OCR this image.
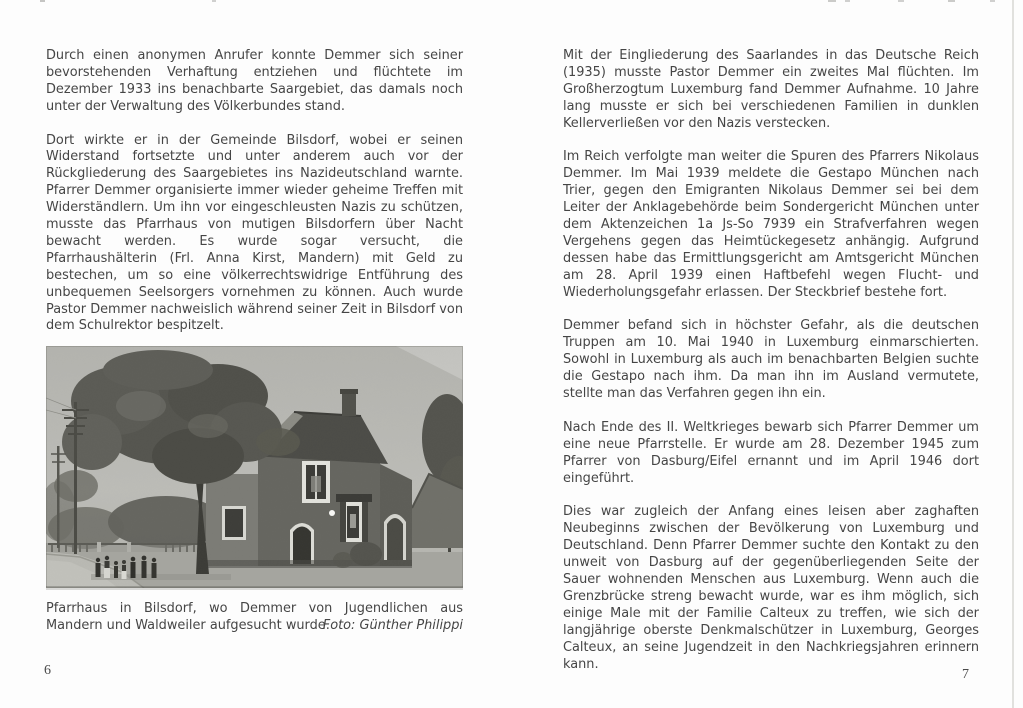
Durch einen anonymen Anrufer konnte Demmer sich seiner bevorstehenden Verhaftung entziehen und flüchtete im Dezember 1933 ins benachbarte Saargebiet, das damals noch unter der Verwaltung des Völkerbundes stand.

Dort wirkte er in der Gemeinde Bilsdorf, wobei er seinen Widerstand fortsetzte und unter anderem auch vor der Rückgliederung des Saargebietes ins Nazideutschland warnte. Pfarrer Demmer organisierte immer wieder geheime Treffen mit Widerständlern. Um ihn vor eingeschleusten Nazis zu schützen, musste das Pfarrhaus von mutigen Bilsdorfern über Nacht bewacht werden. Es wurde sogar versucht, die Pfarrhaushälterin (Frl. Anna Kirst, Mandern) mit Geld zu bestechen, um so eine völkerrechtswidrige Entführung des unbequemen Seelsorgers vornehmen zu können. Auch wurde Pastor Demmer nachweislich während seiner Zeit in Bilsdorf von dem Schulrektor bespitzelt.

Pfarrhaus in Bilsdorf, wo Demmer von Jugendlichen aus Mandern und Waldweiler aufgesucht wurde.
Foto: Günther Philippi

Mit der Eingliederung des Saarlandes in das Deutsche Reich (1935) musste Pastor Demmer ein zweites Mal flüchten. Im Großherzogtum Luxemburg fand Demmer Aufnahme. 10 Jahre lang musste er sich bei verschiedenen Familien in dunklen Kellerverließen vor den Nazis verstecken.

Im Reich verfolgte man weiter die Spuren des Pfarrers Nikolaus Demmer. Im Mai 1939 meldete die Gestapo München nach Trier, gegen den Emigranten Nikolaus Demmer sei bei dem Leiter der Anklagebehörde beim Sondergericht München unter dem Aktenzeichen 1a Js-So 7939 ein Strafverfahren wegen Vergehens gegen das Heimtückegesetz anhängig. Aufgrund dessen habe das Ermittlungsgericht am Amtsgericht München am 28. April 1939 einen Haftbefehl wegen Flucht- und Wiederholungsgefahr erlassen. Der Steckbrief bestehe fort.

Demmer befand sich in höchster Gefahr, als die deutschen Truppen am 10. Mai 1940 in Luxemburg einmarschierten. Sowohl in Luxemburg als auch im benachbarten Belgien suchte die Gestapo nach ihm. Da man ihn im Ausland vermutete, stellte man das Verfahren gegen ihn ein.

Nach Ende des II. Weltkrieges bewarb sich Pfarrer Demmer um eine neue Pfarrstelle. Er wurde am 28. Dezember 1945 zum Pfarrer von Dasburg/Eifel ernannt und im April 1946 dort eingeführt.

Dies war zugleich der Anfang eines leisen aber zaghaften Neubeginns zwischen der Bevölkerung von Luxemburg und Deutschland. Denn Pfarrer Demmer suchte den Kontakt zu den unweit von Dasburg auf der gegenüberliegenden Seite der Sauer wohnenden Menschen aus Luxemburg. Wenn auch die Grenzbrücke streng bewacht wurde, war es ihm möglich, sich einige Male mit der Familie Calteux zu treffen, wie sich der langjährige oberste Denkmalschützer in Luxemburg, Georges Calteux, an seine Jugendzeit in den Nachkriegsjahren erinnern kann.

6	7
